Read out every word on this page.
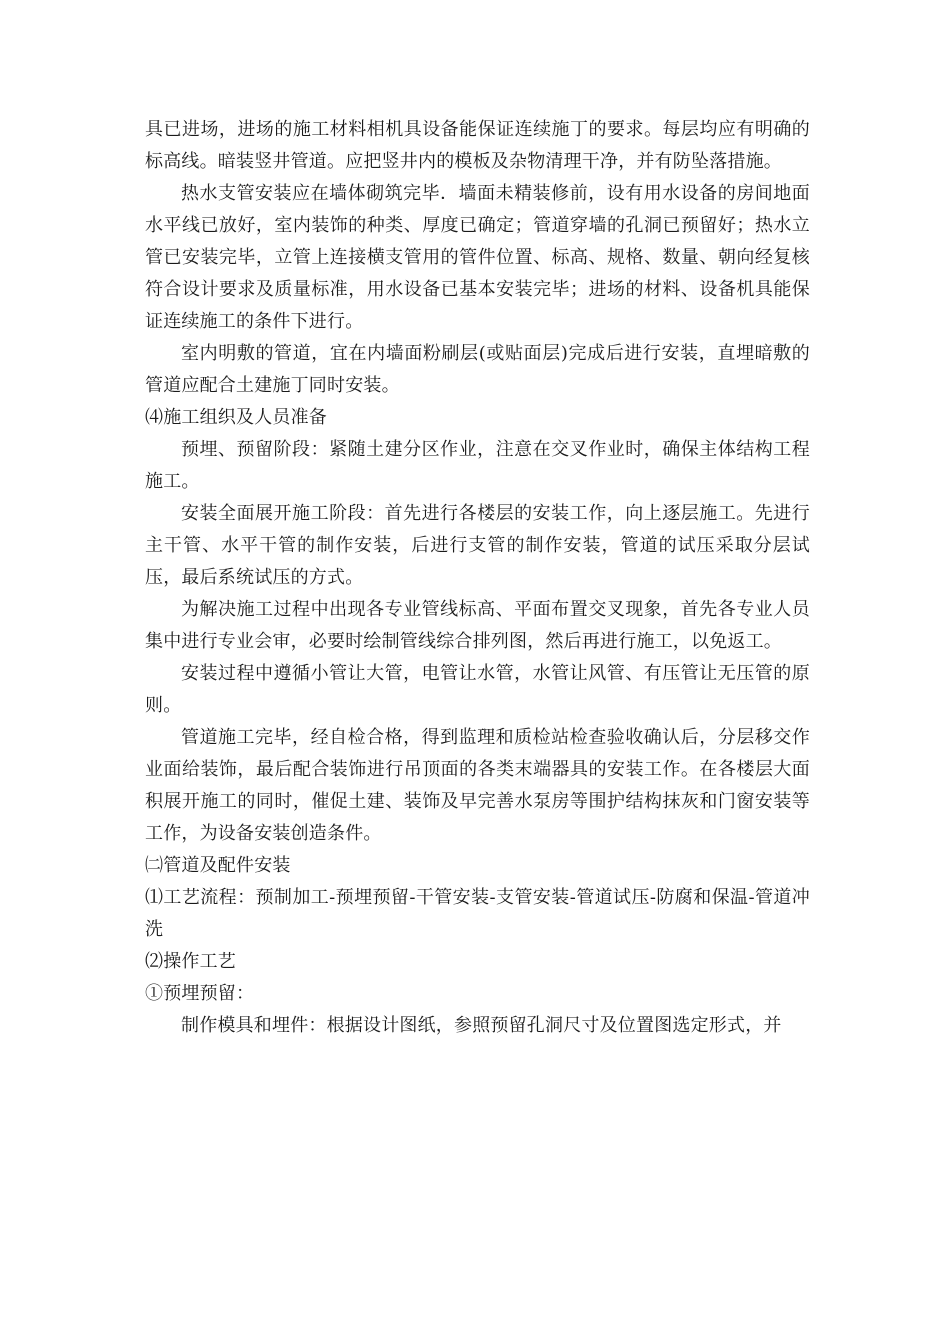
具已进场，进场的施工材料相机具设备能保证连续施丁的要求。每层均应有明确的标高线。暗装竖井管道。应把竖井内的模板及杂物清理干净，并有防坠落措施。

热水支管安装应在墙体砌筑完毕．墙面未精装修前，设有用水设备的房间地面水平线已放好，室内装饰的种类、厚度已确定；管道穿墙的孔洞已预留好；热水立管已安装完毕，立管上连接横支管用的管件位置、标高、规格、数量、朝向经复核符合设计要求及质量标准，用水设备已基本安装完毕；进场的材料、设备机具能保证连续施工的条件下进行。

室内明敷的管道，宜在内墙面粉刷层(或贴面层)完成后进行安装，直埋暗敷的管道应配合土建施丁同时安装。

⑷施工组织及人员准备

预埋、预留阶段：紧随土建分区作业，注意在交叉作业时，确保主体结构工程施工。

安装全面展开施工阶段：首先进行各楼层的安装工作，向上逐层施工。先进行主干管、水平干管的制作安装，后进行支管的制作安装，管道的试压采取分层试压，最后系统试压的方式。

为解决施工过程中出现各专业管线标高、平面布置交叉现象，首先各专业人员集中进行专业会审，必要时绘制管线综合排列图，然后再进行施工，以免返工。

安装过程中遵循小管让大管，电管让水管，水管让风管、有压管让无压管的原则。

管道施工完毕，经自检合格，得到监理和质检站检查验收确认后，分层移交作业面给装饰，最后配合装饰进行吊顶面的各类末端器具的安装工作。在各楼层大面积展开施工的同时，催促土建、装饰及早完善水泵房等围护结构抹灰和门窗安装等工作，为设备安装创造条件。

㈡管道及配件安装

⑴工艺流程：预制加工-预埋预留-干管安装-支管安装-管道试压-防腐和保温-管道冲洗

⑵操作工艺

①预埋预留：

制作模具和埋件：根据设计图纸，参照预留孔洞尺寸及位置图选定形式，并
